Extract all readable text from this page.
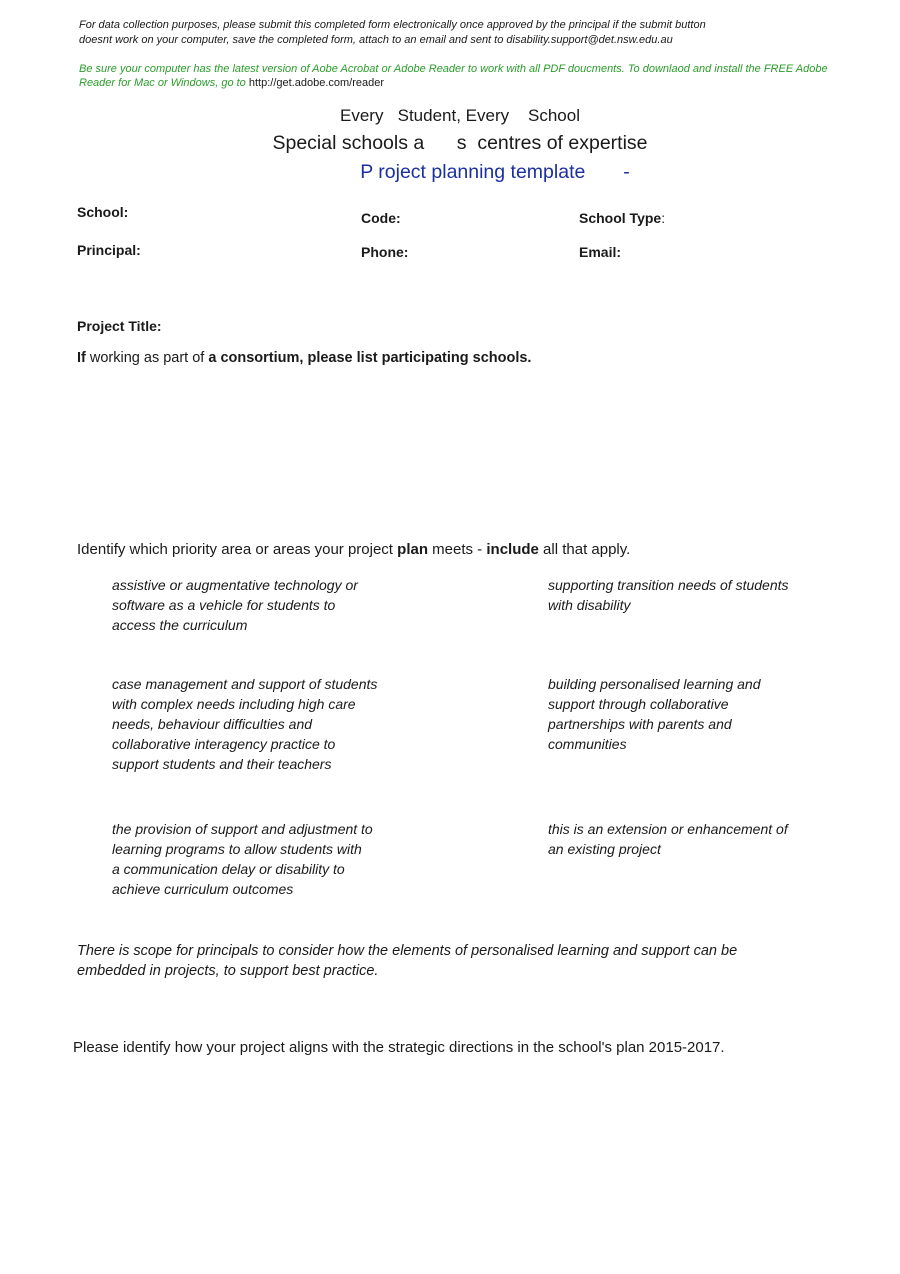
For data collection purposes, please submit this completed form electronically once approved by the principal if the submit button
doesnt work on your computer, save the completed form, attach to an email and sent to disability.support@det.nsw.edu.au
Be sure your computer has the latest version of Aobe Acrobat or Adobe Reader to work with all PDF doucments. To downlaod and install the FREE Adobe
Reader for Mac or Windows, go to http://get.adobe.com/reader
Every   Student, Every    School
Special schools a      s  centres of expertise
P roject planning template       -
School:	Code:	School Type:
Principal:	Phone:	Email:
Project Title:
If working as part of a consortium, please list participating schools.
Identify which priority area or areas your project plan meets - include all that apply.

assistive or augmentative technology or
software as a vehicle for students to
access the curriculum

supporting transition needs of students
with disability

case management and support of students
with complex needs including high care
needs, behaviour difficulties and
collaborative interagency practice to
support students and their teachers

building personalised learning and
support through collaborative
partnerships with parents and
communities

the provision of support and adjustment to
learning programs to allow students with
a communication delay or disability to
achieve curriculum outcomes

this is an extension or enhancement of
an existing project

There is scope for principals to consider how the elements of personalised learning and support can be
embedded in projects, to support best practice.

Please identify how your project aligns with the strategic directions in the school's plan 2015-2017.
